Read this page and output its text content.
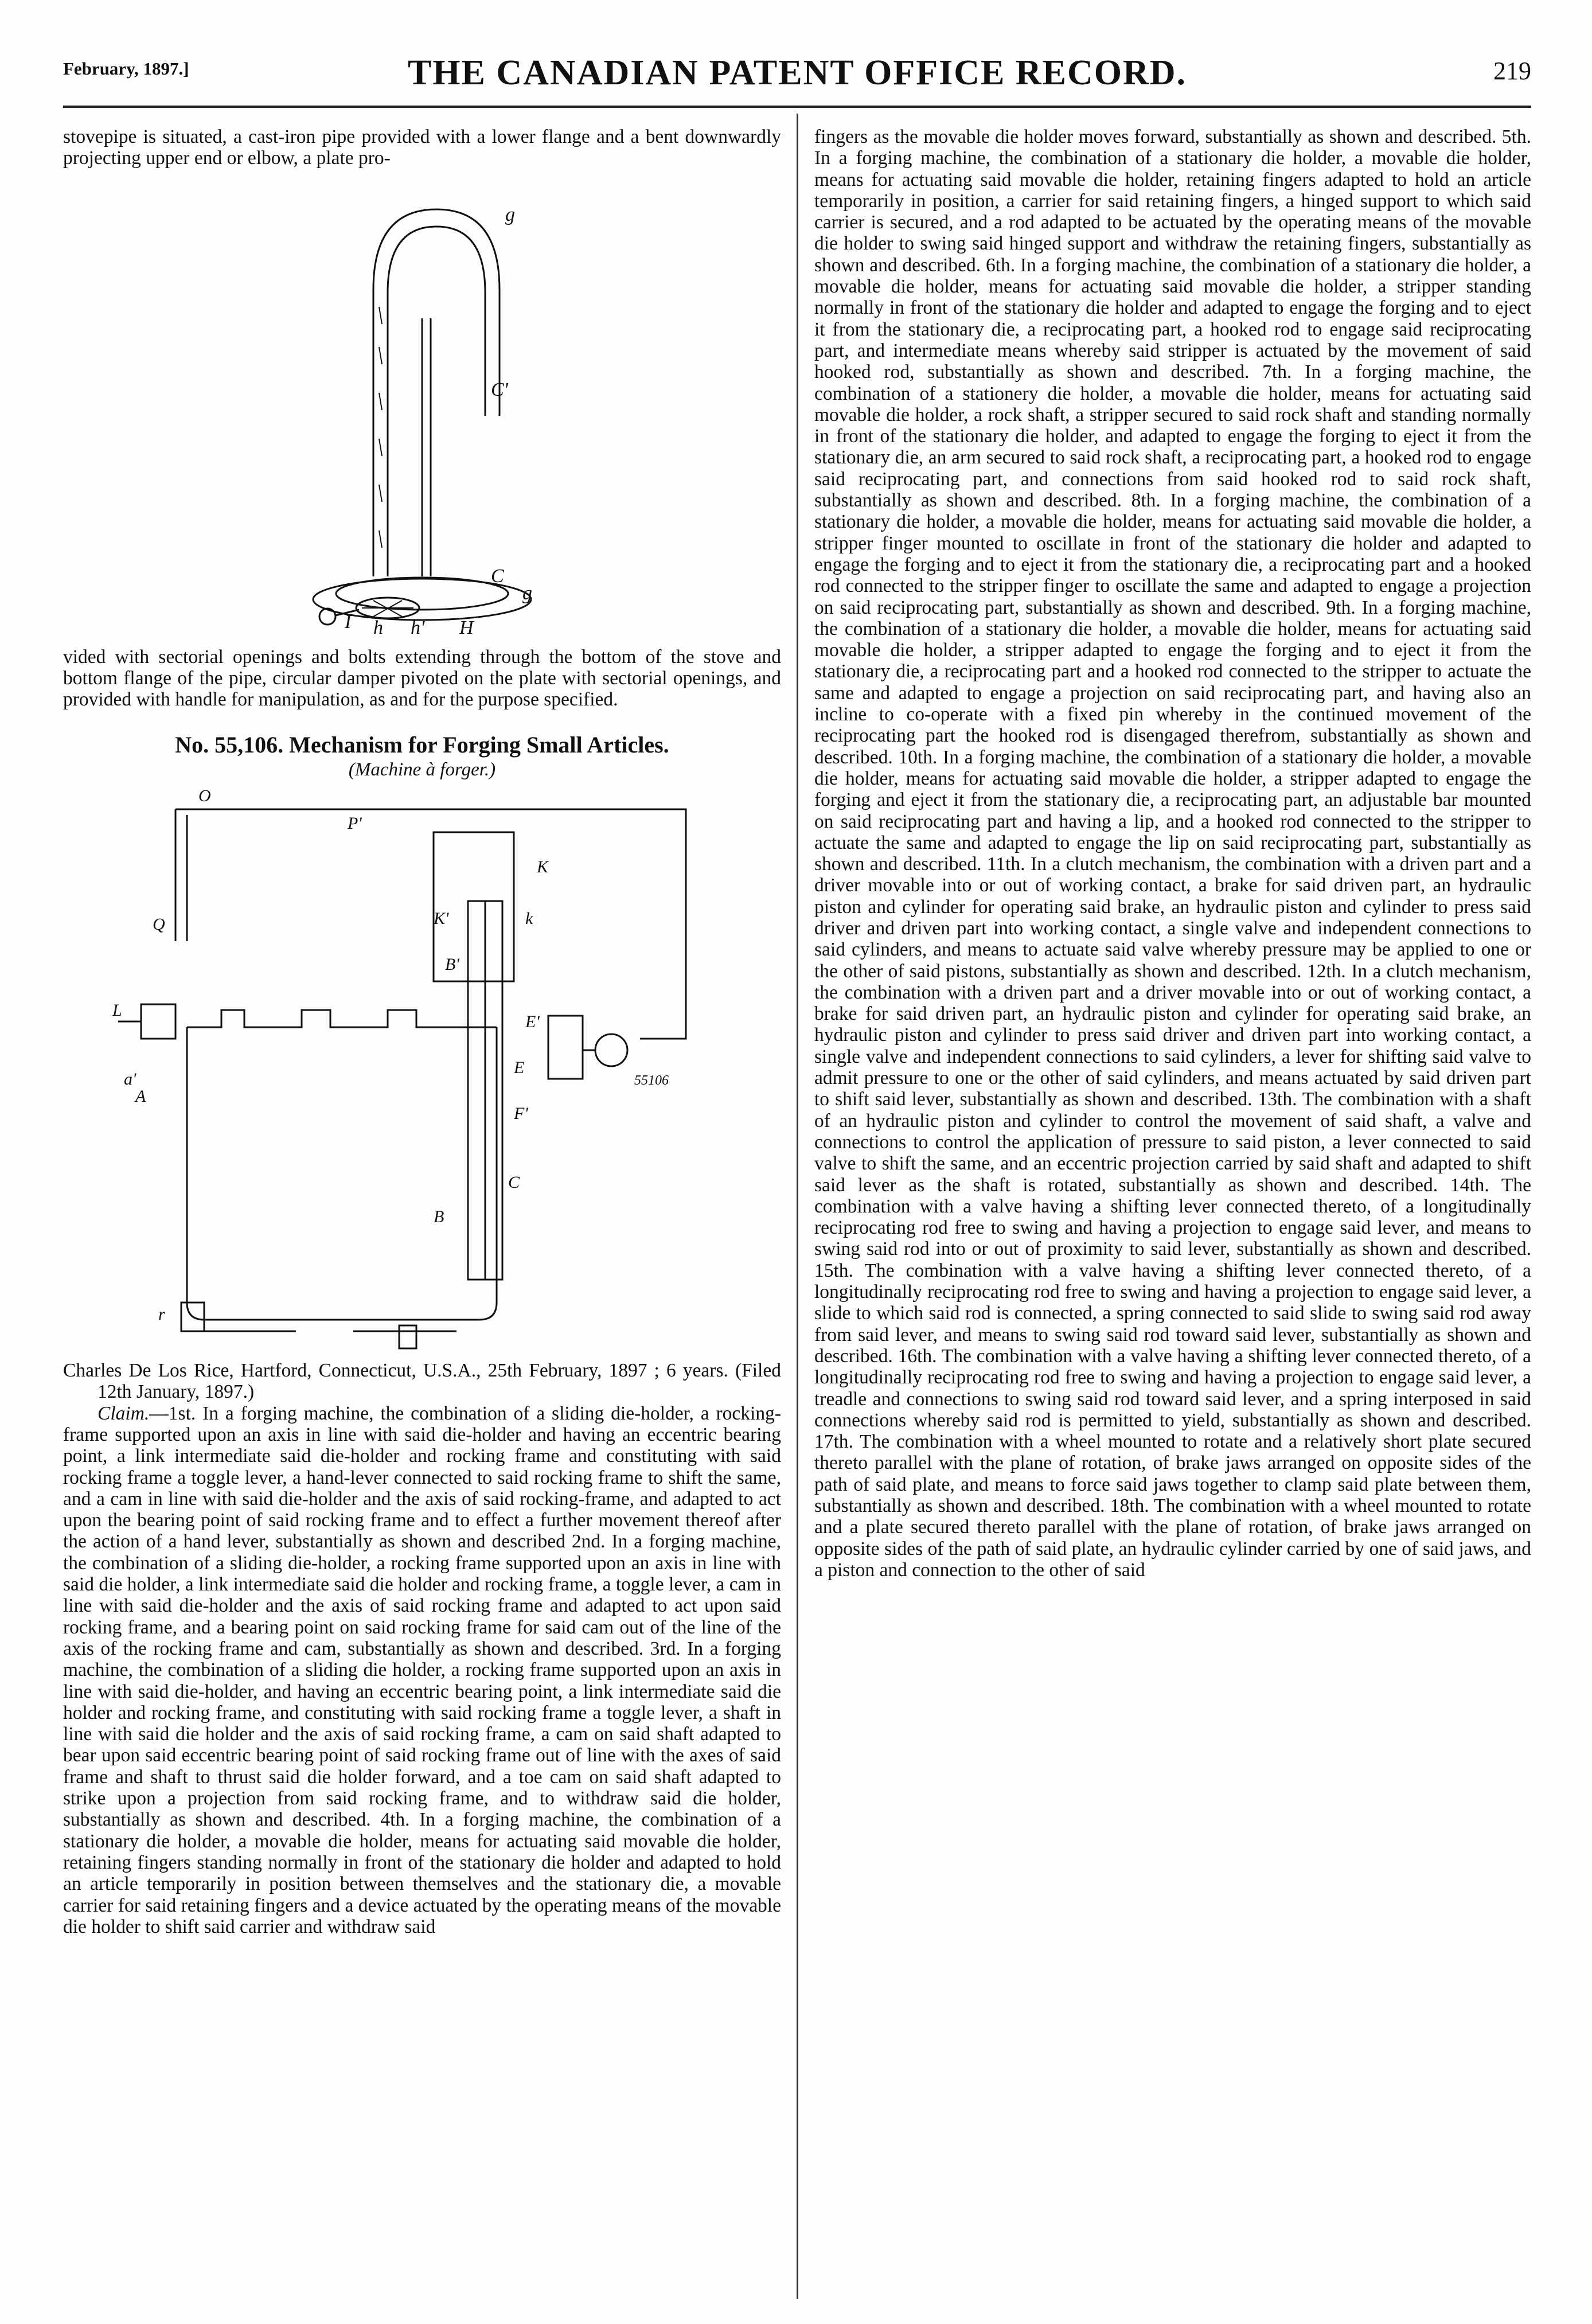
February, 1897.]	THE CANADIAN PATENT OFFICE RECORD.	219

stovepipe is situated, a cast-iron pipe provided with a lower flange and a bent downwardly projecting upper end or elbow, a plate pro-

g
C'
C
g
I h	H
h'

vided with sectorial openings and bolts extending through the bottom of the stove and bottom flange of the pipe, circular damper pivoted on the plate with sectorial openings, and provided with handle for manipulation, as and for the purpose specified.

No. 55,106. Mechanism for Forging Small Articles.
(Machine à forger.)
O
P'
Q	K'
K
k
B'
L
a'
A
E'
E
F'
C
B
55106
r

Charles De Los Rice, Hartford, Connecticut, U.S.A., 25th February, 1897 ; 6 years. (Filed 12th January, 1897.)

Claim.—1st. In a forging machine, the combination of a sliding die-holder, a rocking-frame supported upon an axis in line with said die-holder and having an eccentric bearing point, a link intermediate said die-holder and rocking frame and constituting with said rocking frame a toggle lever, a hand-lever connected to said rocking frame to shift the same, and a cam in line with said die-holder and the axis of said rocking-frame, and adapted to act upon the bearing point of said rocking frame and to effect a further movement thereof after the action of a hand lever, substantially as shown and described 2nd. In a forging machine, the combination of a sliding die-holder, a rocking frame supported upon an axis in line with said die holder, a link intermediate said die holder and rocking frame, a toggle lever, a cam in line with said die-holder and the axis of said rocking frame and adapted to act upon said rocking frame, and a bearing point on said rocking frame for said cam out of the line of the axis of the rocking frame and cam, substantially as shown and described. 3rd. In a forging machine, the combination of a sliding die holder, a rocking frame supported upon an axis in line with said die-holder, and having an eccentric bearing point, a link intermediate said die holder and rocking frame, and constituting with said rocking frame a toggle lever, a shaft in line with said die holder and the axis of said rocking frame, a cam on said shaft adapted to bear upon said eccentric bearing point of said rocking frame out of line with the axes of said frame and shaft to thrust said die holder forward, and a toe cam on said shaft adapted to strike upon a projection from said rocking frame, and to withdraw said die holder, substantially as shown and described. 4th. In a forging machine, the combination of a stationary die holder, a movable die holder, means for actuating said movable die holder, retaining fingers standing normally in front of the stationary die holder and adapted to hold an article temporarily in position between themselves and the stationary die, a movable carrier for said retaining fingers and a device actuated by the operating means of the movable die holder to shift said carrier and withdraw said

fingers as the movable die holder moves forward, substantially as shown and described. 5th. In a forging machine, the combination of a stationary die holder, a movable die holder, means for actuating said movable die holder, retaining fingers adapted to hold an article temporarily in position, a carrier for said retaining fingers, a hinged support to which said carrier is secured, and a rod adapted to be actuated by the operating means of the movable die holder to swing said hinged support and withdraw the retaining fingers, substantially as shown and described. 6th. In a forging machine, the combination of a stationary die holder, a movable die holder, means for actuating said movable die holder, a stripper standing normally in front of the stationary die holder and adapted to engage the forging and to eject it from the stationary die, a reciprocating part, a hooked rod to engage said reciprocating part, and intermediate means whereby said stripper is actuated by the movement of said hooked rod, substantially as shown and described. 7th. In a forging machine, the combination of a stationery die holder, a movable die holder, means for actuating said movable die holder, a rock shaft, a stripper secured to said rock shaft and standing normally in front of the stationary die holder, and adapted to engage the forging to eject it from the stationary die, an arm secured to said rock shaft, a reciprocating part, a hooked rod to engage said reciprocating part, and connections from said hooked rod to said rock shaft, substantially as shown and described. 8th. In a forging machine, the combination of a stationary die holder, a movable die holder, means for actuating said movable die holder, a stripper finger mounted to oscillate in front of the stationary die holder and adapted to engage the forging and to eject it from the stationary die, a reciprocating part and a hooked rod connected to the stripper finger to oscillate the same and adapted to engage a projection on said reciprocating part, substantially as shown and described. 9th. In a forging machine, the combination of a stationary die holder, a movable die holder, means for actuating said movable die holder, a stripper adapted to engage the forging and to eject it from the stationary die, a reciprocating part and a hooked rod connected to the stripper to actuate the same and adapted to engage a projection on said reciprocating part, and having also an incline to co-operate with a fixed pin whereby in the continued movement of the reciprocating part the hooked rod is disengaged therefrom, substantially as shown and described. 10th. In a forging machine, the combination of a stationary die holder, a movable die holder, means for actuating said movable die holder, a stripper adapted to engage the forging and eject it from the stationary die, a reciprocating part, an adjustable bar mounted on said reciprocating part and having a lip, and a hooked rod connected to the stripper to actuate the same and adapted to engage the lip on said reciprocating part, substantially as shown and described. 11th. In a clutch mechanism, the combination with a driven part and a driver movable into or out of working contact, a brake for said driven part, an hydraulic piston and cylinder for operating said brake, an hydraulic piston and cylinder to press said driver and driven part into working contact, a single valve and independent connections to said cylinders, and means to actuate said valve whereby pressure may be applied to one or the other of said pistons, substantially as shown and described. 12th. In a clutch mechanism, the combination with a driven part and a driver movable into or out of working contact, a brake for said driven part, an hydraulic piston and cylinder for operating said brake, an hydraulic piston and cylinder to press said driver and driven part into working contact, a single valve and independent connections to said cylinders, a lever for shifting said valve to admit pressure to one or the other of said cylinders, and means actuated by said driven part to shift said lever, substantially as shown and described. 13th. The combination with a shaft of an hydraulic piston and cylinder to control the movement of said shaft, a valve and connections to control the application of pressure to said piston, a lever connected to said valve to shift the same, and an eccentric projection carried by said shaft and adapted to shift said lever as the shaft is rotated, substantially as shown and described. 14th. The combination with a valve having a shifting lever connected thereto, of a longitudinally reciprocating rod free to swing and having a projection to engage said lever, and means to swing said rod into or out of proximity to said lever, substantially as shown and described. 15th. The combination with a valve having a shifting lever connected thereto, of a longitudinally reciprocating rod free to swing and having a projection to engage said lever, a slide to which said rod is connected, a spring connected to said slide to swing said rod away from said lever, and means to swing said rod toward said lever, substantially as shown and described. 16th. The combination with a valve having a shifting lever connected thereto, of a longitudinally reciprocating rod free to swing and having a projection to engage said lever, a treadle and connections to swing said rod toward said lever, and a spring interposed in said connections whereby said rod is permitted to yield, substantially as shown and described. 17th. The combination with a wheel mounted to rotate and a relatively short plate secured thereto parallel with the plane of rotation, of brake jaws arranged on opposite sides of the path of said plate, and means to force said jaws together to clamp said plate between them, substantially as shown and described. 18th. The combination with a wheel mounted to rotate and a plate secured thereto parallel with the plane of rotation, of brake jaws arranged on opposite sides of the path of said plate, an hydraulic cylinder carried by one of said jaws, and a piston and connection to the other of said
